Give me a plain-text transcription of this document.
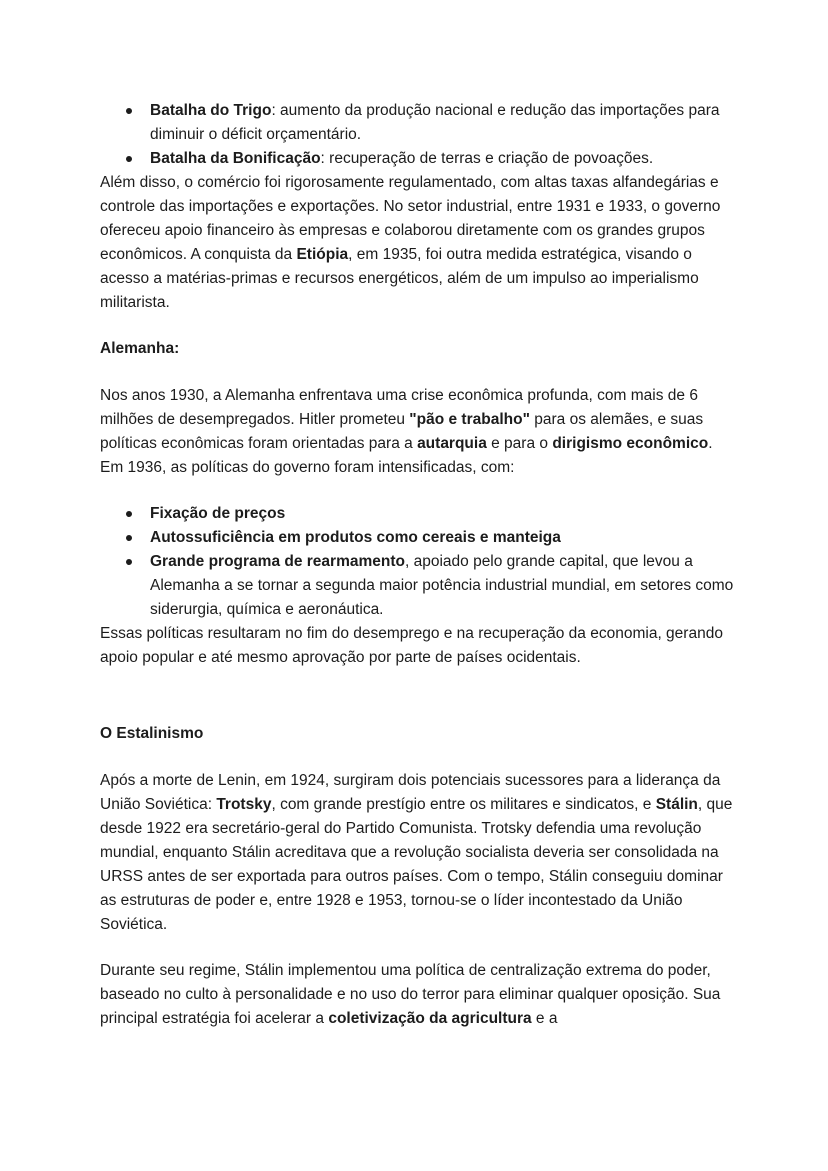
Batalha do Trigo: aumento da produção nacional e redução das importações para diminuir o déficit orçamentário.
Batalha da Bonificação: recuperação de terras e criação de povoações.

Além disso, o comércio foi rigorosamente regulamentado, com altas taxas alfandegárias e controle das importações e exportações. No setor industrial, entre 1931 e 1933, o governo ofereceu apoio financeiro às empresas e colaborou diretamente com os grandes grupos econômicos. A conquista da Etiópia, em 1935, foi outra medida estratégica, visando o acesso a matérias-primas e recursos energéticos, além de um impulso ao imperialismo militarista.

Alemanha:

Nos anos 1930, a Alemanha enfrentava uma crise econômica profunda, com mais de 6 milhões de desempregados. Hitler prometeu "pão e trabalho" para os alemães, e suas políticas econômicas foram orientadas para a autarquia e para o dirigismo econômico. Em 1936, as políticas do governo foram intensificadas, com:

Fixação de preços
Autossuficiência em produtos como cereais e manteiga
Grande programa de rearmamento, apoiado pelo grande capital, que levou a Alemanha a se tornar a segunda maior potência industrial mundial, em setores como siderurgia, química e aeronáutica.

Essas políticas resultaram no fim do desemprego e na recuperação da economia, gerando apoio popular e até mesmo aprovação por parte de países ocidentais.

O Estalinismo

Após a morte de Lenin, em 1924, surgiram dois potenciais sucessores para a liderança da União Soviética: Trotsky, com grande prestígio entre os militares e sindicatos, e Stálin, que desde 1922 era secretário-geral do Partido Comunista. Trotsky defendia uma revolução mundial, enquanto Stálin acreditava que a revolução socialista deveria ser consolidada na URSS antes de ser exportada para outros países. Com o tempo, Stálin conseguiu dominar as estruturas de poder e, entre 1928 e 1953, tornou-se o líder incontestado da União Soviética.

Durante seu regime, Stálin implementou uma política de centralização extrema do poder, baseado no culto à personalidade e no uso do terror para eliminar qualquer oposição. Sua principal estratégia foi acelerar a coletivização da agricultura e a
